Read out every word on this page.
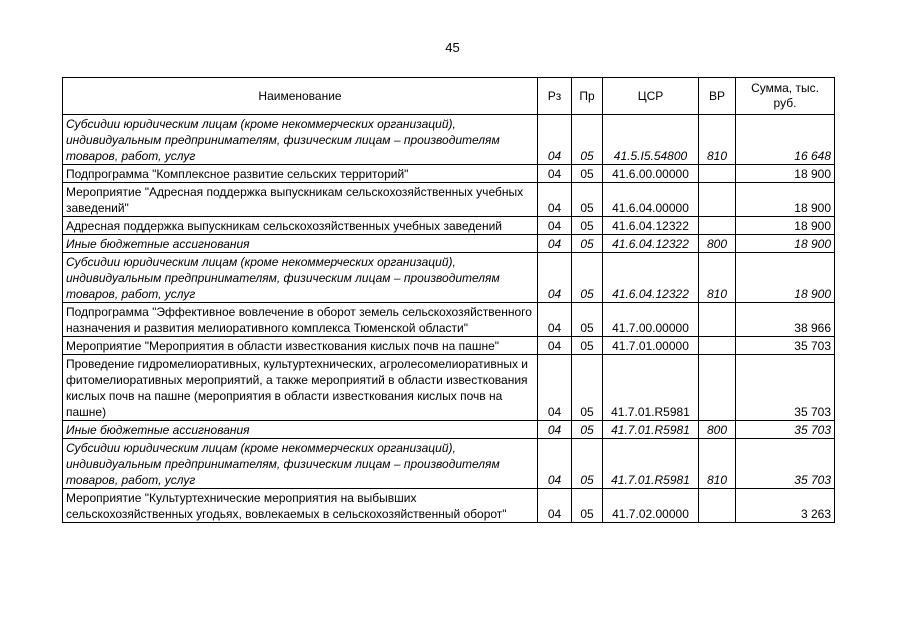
45
Наименование	Рз	Пр	ЦСР	ВР	Сумма, тыс. руб.
Субсидии юридическим лицам (кроме некоммерческих организаций), индивидуальным предпринимателям, физическим лицам – производителям товаров, работ, услуг	04	05	41.5.I5.54800	810	16 648
Подпрограмма "Комплексное развитие сельских территорий"	04	05	41.6.00.00000		18 900
Мероприятие "Адресная поддержка выпускникам сельскохозяйственных учебных заведений"	04	05	41.6.04.00000		18 900
Адресная поддержка выпускникам сельскохозяйственных учебных заведений	04	05	41.6.04.12322		18 900
Иные бюджетные ассигнования	04	05	41.6.04.12322	800	18 900
Субсидии юридическим лицам (кроме некоммерческих организаций), индивидуальным предпринимателям, физическим лицам – производителям товаров, работ, услуг	04	05	41.6.04.12322	810	18 900
Подпрограмма "Эффективное вовлечение в оборот земель сельскохозяйственного назначения и развития мелиоративного комплекса Тюменской области"	04	05	41.7.00.00000		38 966
Мероприятие "Мероприятия в области известкования кислых почв на пашне"	04	05	41.7.01.00000		35 703
Проведение гидромелиоративных, культуртехнических, агролесомелиоративных и фитомелиоративных мероприятий, а также мероприятий в области известкования кислых почв на пашне (мероприятия в области известкования кислых почв на пашне)	04	05	41.7.01.R5981		35 703
Иные бюджетные ассигнования	04	05	41.7.01.R5981	800	35 703
Субсидии юридическим лицам (кроме некоммерческих организаций), индивидуальным предпринимателям, физическим лицам – производителям товаров, работ, услуг	04	05	41.7.01.R5981	810	35 703
Мероприятие "Культуртехнические мероприятия на выбывших сельскохозяйственных угодьях, вовлекаемых в сельскохозяйственный оборот"	04	05	41.7.02.00000		3 263
